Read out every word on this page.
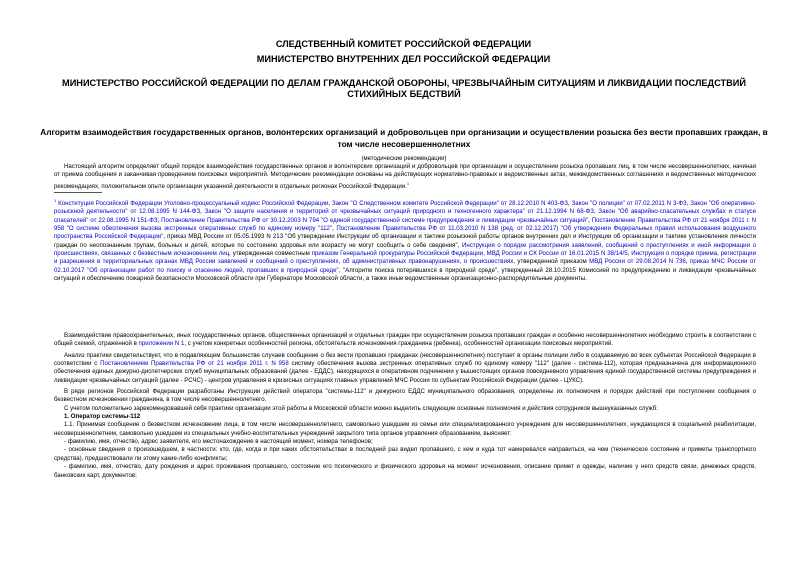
СЛЕДСТВЕННЫЙ КОМИТЕТ РОССИЙСКОЙ ФЕДЕРАЦИИ

МИНИСТЕРСТВО ВНУТРЕННИХ ДЕЛ РОССИЙСКОЙ ФЕДЕРАЦИИ

МИНИСТЕРСТВО РОССИЙСКОЙ ФЕДЕРАЦИИ ПО ДЕЛАМ ГРАЖДАНСКОЙ ОБОРОНЫ, ЧРЕЗВЫЧАЙНЫМ СИТУАЦИЯМ И ЛИКВИДАЦИИ ПОСЛЕДСТВИЙ СТИХИЙНЫХ БЕДСТВИЙ

Алгоритм взаимодействия государственных органов, волонтерских организаций и добровольцев при организации и осуществлении розыска без вести пропавших граждан, в том числе несовершеннолетних

(методические рекомендации)

Настоящий алгоритм определяет общий порядок взаимодействия государственных органов и волонтерских организаций и добровольцев при организации и осуществлении розыска пропавших лиц, в том числе несовершеннолетних, начиная от приема сообщения и заканчивая проведением поисковых мероприятий. Методические рекомендации основаны на действующих нормативно-правовых и ведомственных актах, межведомственных соглашениях и ведомственных методических рекомендациях, положительном опыте организации указанной деятельности в отдельных регионах Российской Федерации.$^1$

$^1$ Конституция Российской Федерации Уголовно-процессуальный кодекс Российской Федерации, Закон "О Следственном комитете Российской Федерации" от 28.12.2010 N 403-ФЗ, Закон "О полиции" от 07.02.2011 N 3-ФЗ, Закон "Об оперативно-розыскной деятельности" от 12.08.1995 N 144-ФЗ, Закон "О защите населения и территорий от чрезвычайных ситуаций природного и техногенного характера" от 21.12.1994 N 68-ФЗ, Закон "Об аварийно-спасательных службах и статусе спасателей" от 22.08.1995 N 151-ФЗ, Постановление Правительства РФ от 30.12.2003 N 794 "О единой государственной системе предупреждения и ликвидации чрезвычайных ситуаций", Постановление Правительства РФ от 21 ноября 2011 г. N 958 "О системе обеспечения вызова экстренных оперативных служб по единому номеру "112", Постановление Правительства РФ от 11.03.2010 N 138 (ред. от 02.12.2017) "Об утверждении Федеральных правил использования воздушного пространства Российской Федерации", приказ МВД России от 05.05.1993 N 213 "Об утверждении Инструкции об организации и тактике розыскной работы органов внутренних дел и Инструкции об организации и тактике установления личности граждан по неопознанным трупам, больных и детей, которые по состоянию здоровья или возрасту не могут сообщить о себе сведения", Инструкция о порядке рассмотрения заявлений, сообщений о преступлениях и иной информации о происшествиях, связанных с безвестным исчезновением лиц, утвержденная совместным приказом Генеральной прокуратуры Российской Федерации, МВД России и СК России от 16.01.2015 N 38/14/5, Инструкция о порядке приема, регистрации и разрешения в территориальных органах МВД России заявлений и сообщений о преступлениях, об административных правонарушениях, о происшествиях, утвержденной приказом МВД России от 29.08.2014 N 736, приказ МЧС России от 02.10.2017 "Об организации работ по поиску и спасению людей, пропавших в природной среде", "Алгоритм поиска потерявшихся в природной среде", утвержденный 28.10.2015 Комиссией по предупреждению и ликвидации чрезвычайных ситуаций и обеспечению пожарной безопасности Московской области при Губернаторе Московской области, а также иные ведомственные организационно-распорядительные документы.

Взаимодействие правоохранительных, иных государственных органов, общественных организаций и отдельных граждан при осуществлении розыска пропавших граждан и особенно несовершеннолетних необходимо строить в соответствии с общей схемой, отраженной в приложении N 1, с учетом конкретных особенностей региона, обстоятельств исчезновения гражданина (ребенка), особенностей организации поисковых мероприятий.

Анализ практики свидетельствует, что в подавляющем большинстве случаев сообщение о без вести пропавших гражданах (несовершеннолетних) поступает в органы полиции либо в создаваемую во всех субъектах Российской Федерации в соответствии с Постановлением Правительства РФ от 21 ноября 2011 г. N 958 систему обеспечения вызова экстренных оперативных служб по единому номеру "112" (далее - система-112), которая предназначена для информационного обеспечения единых дежурно-диспетчерских служб муниципальных образований (далее - ЕДДС), находящихся в оперативном подчинении у вышестоящих органов повседневного управления единой государственной системы предупреждения и ликвидации чрезвычайных ситуаций (далее - РСЧС) - центров управления в кризисных ситуациях главных управлений МЧС России по субъектам Российской Федерации (далее - ЦУКС).

В ряде регионов Российской Федерации разработаны Инструкции действий оператора "системы-112" и дежурного ЕДДС муниципального образования, определены их полномочия и порядок действий при поступлении сообщения о безвестном исчезновении гражданина, в том числе несовершеннолетнего.

С учетом положительно зарекомендовавшей себя практики организации этой работы в Московской области можно выделить следующие основные полномочия и действия сотрудников вышеуказанных служб:

1. Оператор системы-112

1.1. Принимая сообщение о безвестном исчезновении лица, в том числе несовершеннолетнего, самовольно ушедшем из семьи или специализированного учреждения для несовершеннолетних, нуждающихся в социальной реабилитации, несовершеннолетнем, самовольно ушедшем из специальных учебно-воспитательных учреждений закрытого типа органов управления образованием, выясняет:

- фамилию, имя, отчество, адрес заявителя, его местонахождение в настоящий момент, номера телефонов;

- основные сведения о произошедшем, в частности: кто, где, когда и при каких обстоятельствах в последний раз видел пропавшего, с кем и куда тот намеревался направиться, на чем (техническое состояние и приметы транспортного средства), предшествовали ли этому какие-либо конфликты;

- фамилию, имя, отчество, дату рождения и адрес проживания пропавшего, состояние его психического и физического здоровья на момент исчезновения, описание примет и одежды, наличие у него средств связи, денежных средств, банковских карт, документов;
